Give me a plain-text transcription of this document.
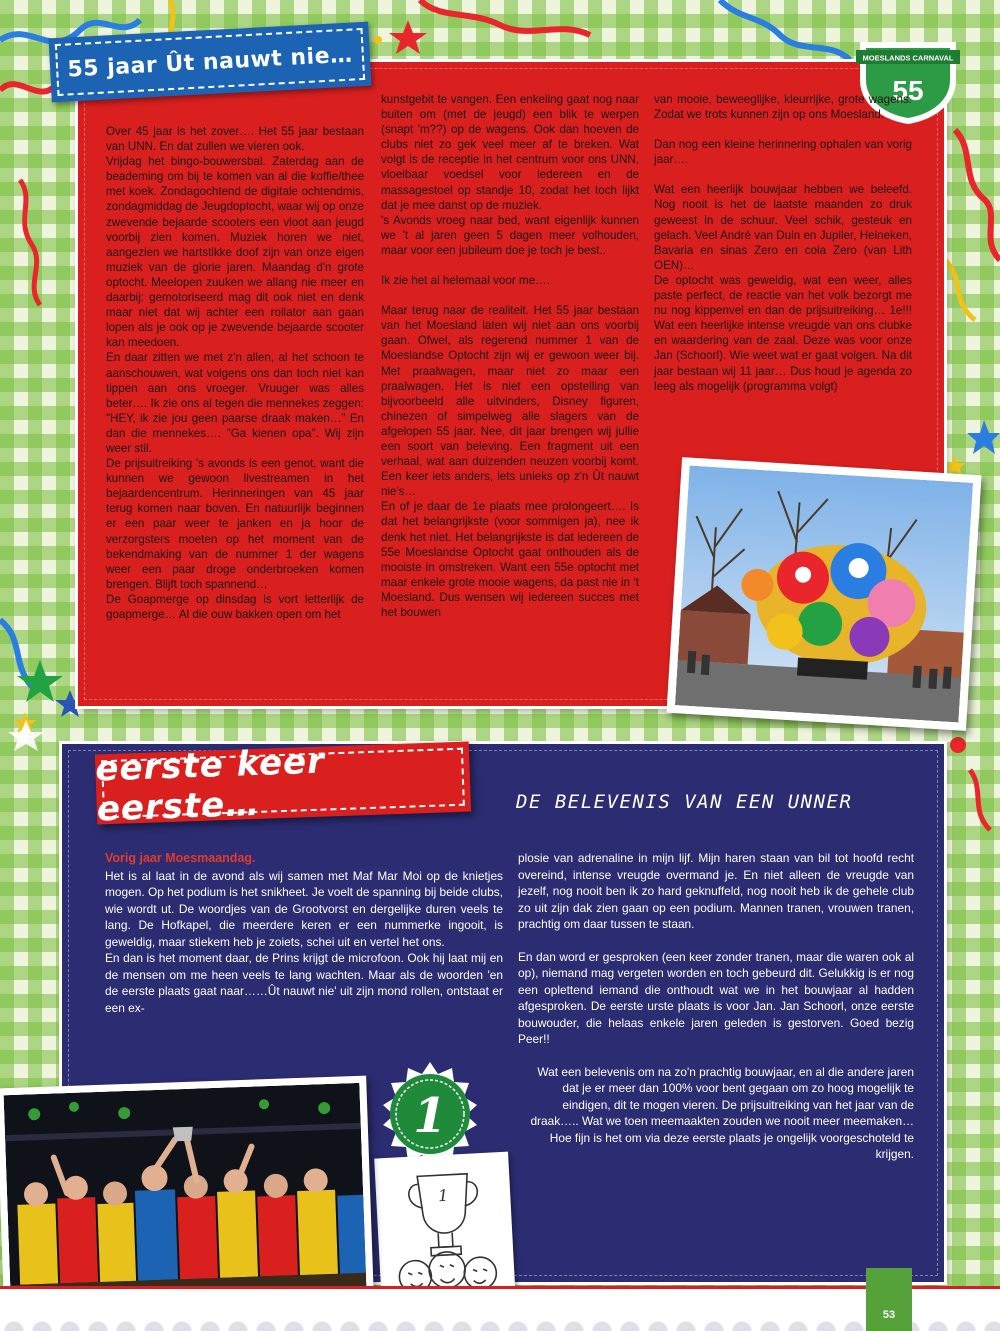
55 jaar Ût nauwt nie…	MOESLANDS CARNAVAL
55

Over 45 jaar is het zover…. Het 55 jaar bestaan van UNN. En dat zullen we vieren ook.

Vrijdag het bingo-bouwersbal. Zaterdag aan de beademing om bij te komen van al die koffie/thee met koek. Zondagochtend de digitale ochtendmis, zondagmiddag de Jeugdoptocht, waar wij op onze zwevende bejaarde scooters een vloot aan jeugd voorbij zien komen. Muziek horen we niet, aangezien we hartstikke doof zijn van onze eigen muziek van de glorie jaren. Maandag d'n grote optocht. Meelopen zuuken we allang nie meer en daarbij: gemotoriseerd mag dit ook niet en denk maar niet dat wij achter een rollator aan gaan lopen als je ook op je zwevende bejaarde scooter kan meedoen.

En daar zitten we met z'n allen, al het schoon te aanschouwen, wat volgens ons dan toch niet kan tippen aan ons vroeger. Vruuger was alles beter…. Ik zie ons al tegen die mennekes zeggen: "HEY, ik zie jou geen paarse draak maken…" En dan die mennekes…. "Ga kienen opa". Wij zijn weer stil.

De prijsuitreiking 's avonds is een genot, want die kunnen we gewoon livestreamen in het bejaardencentrum. Herinneringen van 45 jaar terug komen naar boven. En natuurlijk beginnen er een paar weer te janken en ja hoor de verzorgsters moeten op het moment van de bekendmaking van de nummer 1 der wagens weer een paar droge onderbroeken komen brengen. Blijft toch spannend…

De Goapmerge op dinsdag is vort letterlijk de goapmerge… Al die ouw bakken open om het

kunstgebit te vangen. Een enkeling gaat nog naar buiten om (met de jeugd) een blik te werpen (snapt 'm??) op de wagens. Ook dan hoeven de clubs niet zo gek veel meer af te breken. Wat volgt is de receptie in het centrum voor ons UNN, vloeibaar voedsel voor iedereen en de massagestoel op standje 10, zodat het toch lijkt dat je mee danst op de muziek.

's Avonds vroeg naar bed, want eigenlijk kunnen we 't al jaren geen 5 dagen meer volhouden, maar voor een jubileum doe je toch je best..

Ik zie het al helemaal voor me….

Maar terug naar de realiteit. Het 55 jaar bestaan van het Moesland laten wij niet aan ons voorbij gaan. Ofwel, als regerend nummer 1 van de Moeslandse Optocht zijn wij er gewoon weer bij. Met praalwagen, maar niet zo maar een praalwagen. Het is niet een opstelling van bijvoorbeeld alle uitvinders, Disney figuren, chinezen of simpelweg alle slagers van de afgelopen 55 jaar. Nee, dit jaar brengen wij jullie een soort van beleving. Een fragment uit een verhaal, wat aan duizenden neuzen voorbij komt. Een keer iets anders, iets unieks op z'n Ût nauwt nie's…

En of je daar de 1e plaats mee prolongeert…. Is dat het belangrijkste (voor sommigen ja), nee ik denk het niet. Het belangrijkste is dat iedereen de 55e Moeslandse Optocht gaat onthouden als de mooiste in omstreken. Want een 55e optocht met maar enkele grote mooie wagens, da past nie in 't Moesland. Dus wensen wij iedereen succes met het bouwen

van mooie, beweeglijke, kleurrijke, grote wagens. Zodat we trots kunnen zijn op ons Moesland.

Dan nog een kleine herinnering ophalen van vorig jaar….

Wat een heerlijk bouwjaar hebben we beleefd. Nog nooit is het de laatste maanden zo druk geweest in de schuur. Veel schik, gesteuk en gelach. Veel André van Duin en Jupiler, Heineken, Bavaria en sinas Zero en cola Zero (van Lith OEN)…

De optocht was geweldig, wat een weer, alles paste perfect, de reactie van het volk bezorgt me nu nog kippenvel en dan de prijsuitreiking… 1e!!! Wat een heerlijke intense vreugde van ons clubke en waardering van de zaal. Deze was voor onze Jan (Schoorl). Wie weet wat er gaat volgen. Na dit jaar bestaan wij 11 jaar… Dus houd je agenda zo leeg als mogelijk (programma volgt)

eerste keer eerste…	DE BELEVENIS VAN EEN UNNER
Vorig jaar Moesmaandag.

Het is al laat in de avond als wij samen met Maf Mar Moi op de knietjes mogen. Op het podium is het snikheet. Je voelt de spanning bij beide clubs, wie wordt ut. De woordjes van de Grootvorst en dergelijke duren veels te lang. De Hofkapel, die meerdere keren er een nummerke ingooit, is geweldig, maar stiekem heb je zoiets, schei uit en vertel het ons.

En dan is het moment daar, de Prins krijgt de microfoon. Ook hij laat mij en de mensen om me heen veels te lang wachten. Maar als de woorden 'en de eerste plaats gaat naar……Ût nauwt nie' uit zijn mond rollen, ontstaat er een ex-

plosie van adrenaline in mijn lijf. Mijn haren staan van bil tot hoofd recht overeind, intense vreugde overmand je. En niet alleen de vreugde van jezelf, nog nooit ben ik zo hard geknuffeld, nog nooit heb ik de gehele club zo uit zijn dak zien gaan op een podium. Mannen tranen, vrouwen tranen, prachtig om daar tussen te staan.

En dan word er gesproken (een keer zonder tranen, maar die waren ook al op), niemand mag vergeten worden en toch gebeurd dit. Gelukkig is er nog een oplettend iemand die onthoudt wat we in het bouwjaar al hadden afgesproken. De eerste urste plaats is voor Jan. Jan Schoorl, onze eerste bouwouder, die helaas enkele jaren geleden is gestorven. Goed bezig Peer!!

Wat een belevenis om na zo'n prachtig bouwjaar, en al die andere jaren dat je er meer dan 100% voor bent gegaan om zo hoog mogelijk te eindigen, dit te mogen vieren. De prijsuitreiking van het jaar van de draak….. Wat we toen meemaakten zouden we nooit meer meemaken… Hoe fijn is het om via deze eerste plaats je ongelijk voorgeschoteld te krijgen.

1
1
53
